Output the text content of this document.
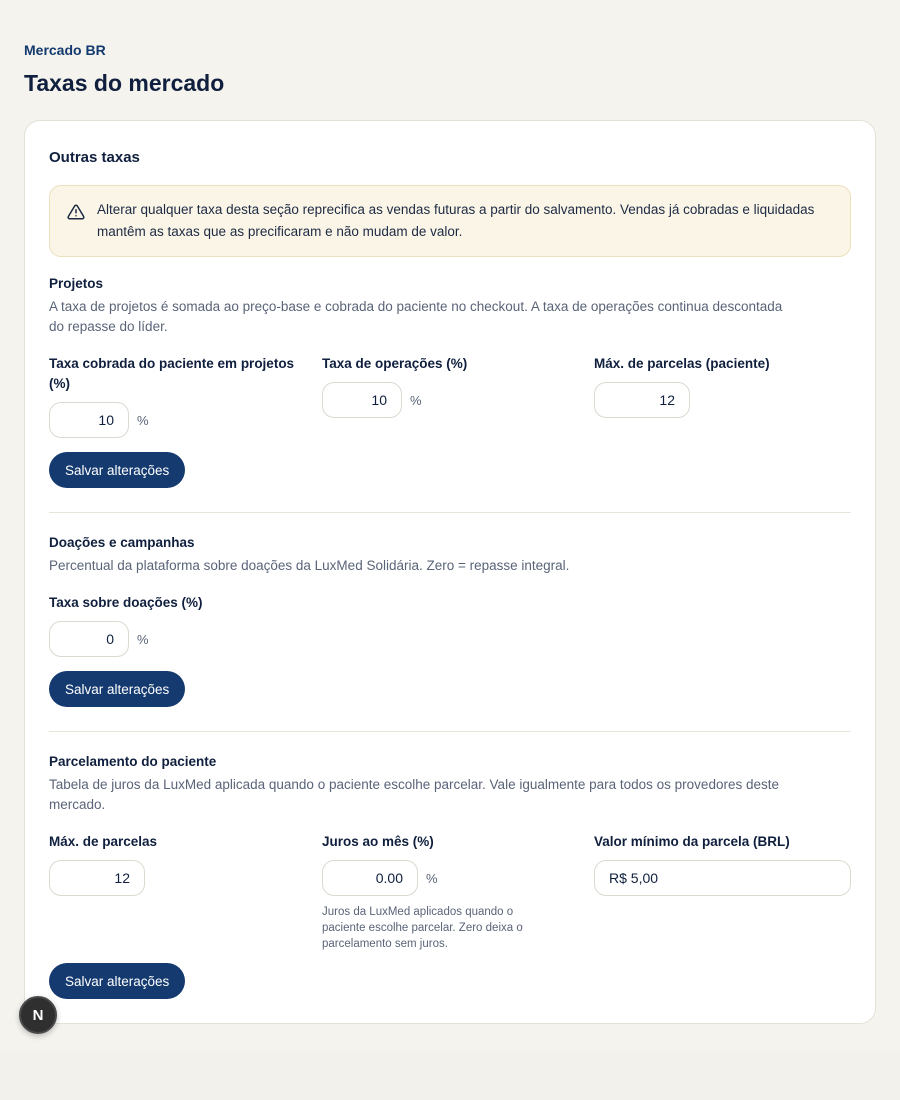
Mercado BR
Taxas do mercado
Outras taxas
Alterar qualquer taxa desta seção reprecifica as vendas futuras a partir do salvamento. Vendas já cobradas e liquidadas mantêm as taxas que as precificaram e não mudam de valor.
Projetos
A taxa de projetos é somada ao preço-base e cobrada do paciente no checkout. A taxa de operações continua descontada do repasse do líder.
Taxa cobrada do paciente em projetos (%)
10	%
Taxa de operações (%)
10	%
Máx. de parcelas (paciente)
12
Salvar alterações
Doações e campanhas
Percentual da plataforma sobre doações da LuxMed Solidária. Zero = repasse integral.
Taxa sobre doações (%)
0	%
Salvar alterações
Parcelamento do paciente
Tabela de juros da LuxMed aplicada quando o paciente escolhe parcelar. Vale igualmente para todos os provedores deste mercado.
Máx. de parcelas
12
Juros ao mês (%)
0.00	%
Juros da LuxMed aplicados quando o paciente escolhe parcelar. Zero deixa o parcelamento sem juros.
Valor mínimo da parcela (BRL)
R$ 5,00
Salvar alterações
N
